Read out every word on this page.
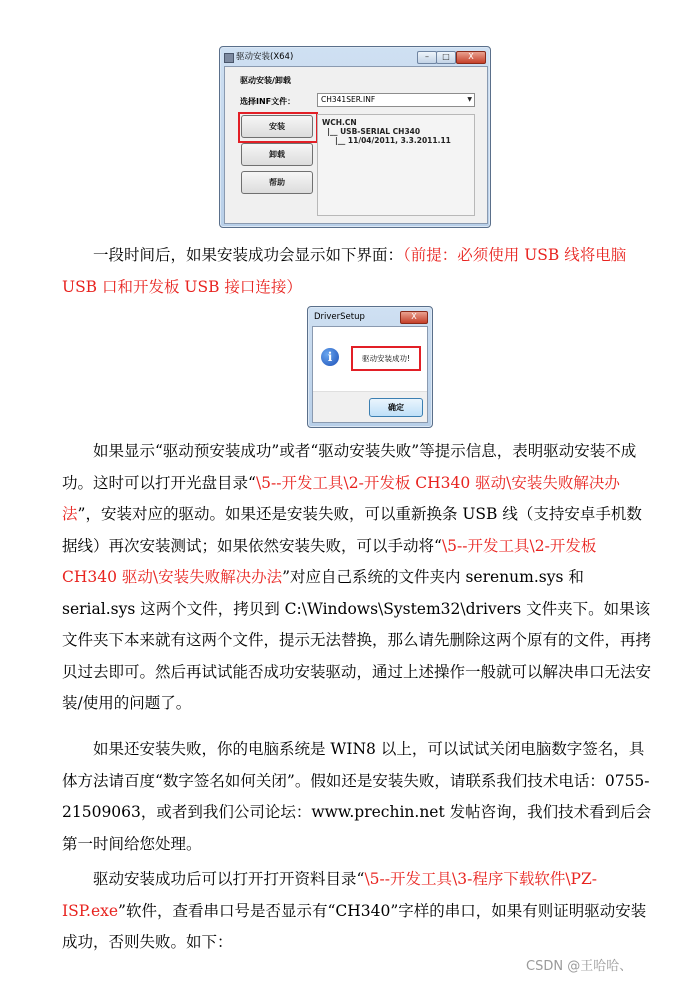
驱动安装(X64)	–	□	X
驱动安装/卸载
选择INF文件：	CH341SER.INF	▼
安装
卸载
帮助
WCH.CN
|__ USB-SERIAL CH340
|__ 11/04/2011, 3.3.2011.11

一段时间后，如果安装成功会显示如下界面：（前提：必须使用 USB 线将电脑 USB 口和开发板 USB 接口连接）

DriverSetup	X
i	驱动安装成功!
确定

如果显示“驱动预安装成功”或者“驱动安装失败”等提示信息，表明驱动安装不成功。这时可以打开光盘目录“\5--开发工具\2-开发板 CH340 驱动\安装失败解决办法”，安装对应的驱动。如果还是安装失败，可以重新换条 USB 线（支持安卓手机数据线）再次安装测试；如果依然安装失败，可以手动将“\5--开发工具\2-开发板 CH340 驱动\安装失败解决办法”对应自己系统的文件夹内 serenum.sys 和 serial.sys 这两个文件，拷贝到 C:\Windows\System32\drivers 文件夹下。如果该文件夹下本来就有这两个文件，提示无法替换，那么请先删除这两个原有的文件，再拷贝过去即可。然后再试试能否成功安装驱动，通过上述操作一般就可以解决串口无法安装/使用的问题了。

如果还安装失败，你的电脑系统是 WIN8 以上，可以试试关闭电脑数字签名，具体方法请百度“数字签名如何关闭”。假如还是安装失败，请联系我们技术电话：0755-21509063，或者到我们公司论坛：www.prechin.net 发帖咨询，我们技术看到后会第一时间给您处理。

驱动安装成功后可以打开打开资料目录“\5--开发工具\3-程序下载软件\PZ-ISP.exe”软件，查看串口号是否显示有“CH340”字样的串口，如果有则证明驱动安装成功，否则失败。如下：

CSDN @王哈哈、
